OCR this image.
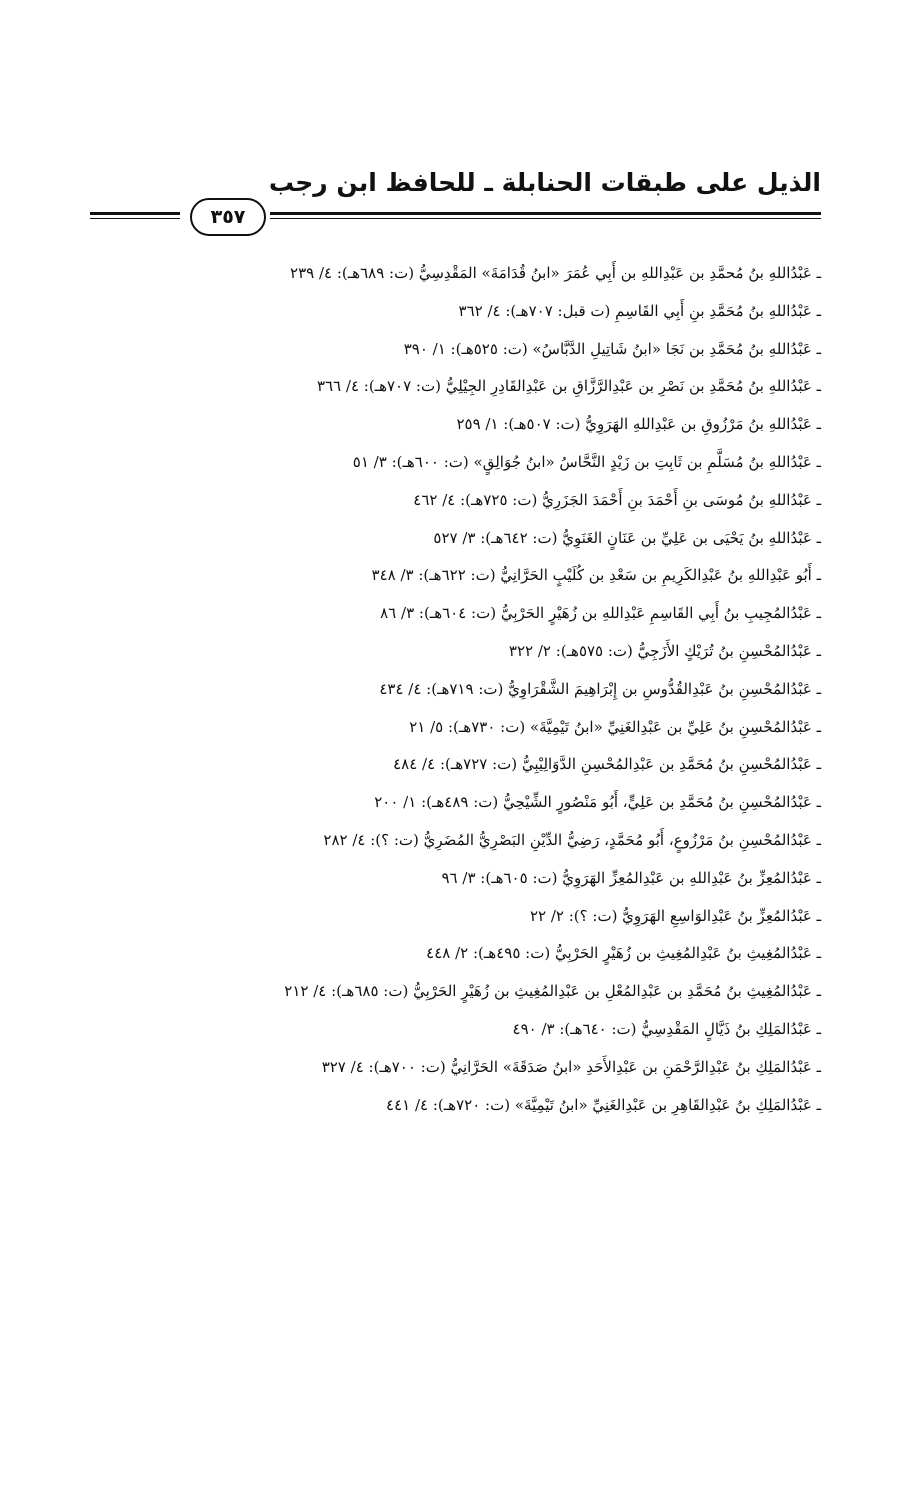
الذيل على طبقات الحنابلة ـ للحافظ ابن رجب
٣٥٧
ـ عَبْدُاللهِ بنُ مُحمَّدِ بن عَبْدِاللهِ بن أَبِي عُمَرَ «ابنُ قُدَامَةَ» المَقْدِسِيُّ (ت: ٦٨٩هـ): ٤/ ٢٣٩
ـ عَبْدُاللهِ بنُ مُحَمَّدِ بنِ أَبِي القَاسِمِ (ت قبل: ٧٠٧هـ): ٤/ ٣٦٢
ـ عَبْدُاللهِ بنُ مُحَمَّدِ بن نَجَا «ابنُ شَاتِيلِ الدَّبَّاسُ» (ت: ٥٢٥هـ): ١/ ٣٩٠
ـ عَبْدُاللهِ بنُ مُحَمَّدِ بن نَصْرِ بن عَبْدِالرَّزَّاقِ بن عَبْدِالقَادِرِ الجِيْلِيُّ (ت: ٧٠٧هـ): ٤/ ٣٦٦
ـ عَبْدُاللهِ بنُ مَرْزُوقِ بن عَبْدِاللهِ الهَرَوِيُّ (ت: ٥٠٧هـ): ١/ ٢٥٩
ـ عَبْدُاللهِ بنُ مُسَلَّمِ بن ثَابِتِ بن زَيْدٍ النَّحَّاسُ «ابنُ جُوَالِقٍ» (ت: ٦٠٠هـ): ٣/ ٥١
ـ عَبْدُاللهِ بنُ مُوسَى بنِ أَحْمَدَ بنِ أَحْمَدَ الجَزَرِيُّ (ت: ٧٢٥هـ): ٤/ ٤٦٢
ـ عَبْدُاللهِ بنُ يَحْيَى بن عَلِيِّ بن عَنَانٍ الغَنَوِيُّ (ت: ٦٤٢هـ): ٣/ ٥٢٧
ـ أَبُو عَبْدِاللهِ بنُ عَبْدِالكَرِيمِ بن سَعْدِ بن كُلَيْبٍ الحَرَّانِيُّ (ت: ٦٢٢هـ): ٣/ ٣٤٨
ـ عَبْدُالمُجِيبِ بنُ أَبِي القَاسِمِ عَبْدِاللهِ بن زُهَيْرٍ الحَرْبِيُّ (ت: ٦٠٤هـ): ٣/ ٨٦
ـ عَبْدُالمُحْسِنِ بنُ تُرَيْكٍ الأَزَجِيُّ (ت: ٥٧٥هـ): ٢/ ٣٢٢
ـ عَبْدُالمُحْسِنِ بنُ عَبْدِالقُدُّوسِ بن إِبْرَاهِيمَ الشَّقْرَاوِيُّ (ت: ٧١٩هـ): ٤/ ٤٣٤
ـ عَبْدُالمُحْسِنِ بنُ عَلِيِّ بن عَبْدِالغَنِيِّ «ابنُ تَيْمِيَّةَ» (ت: ٧٣٠هـ): ٥/ ٢١
ـ عَبْدُالمُحْسِنِ بنُ مُحَمَّدِ بن عَبْدِالمُحْسِنِ الدَّوَالِيْبِيُّ (ت: ٧٢٧هـ): ٤/ ٤٨٤
ـ عَبْدُالمُحْسِنِ بنُ مُحَمَّدِ بن عَلِيٍّ، أَبُو مَنْصُورٍ الشِّيْحِيُّ (ت: ٤٨٩هـ): ١/ ٢٠٠
ـ عَبْدُالمُحْسِنِ بنُ مَرْزُوعٍ، أَبُو مُحَمَّدٍ، رَضِيُّ الدِّيْنِ البَصْرِيُّ المُضَرِيُّ (ت: ؟): ٤/ ٢٨٢
ـ عَبْدُالمُعِزِّ بنُ عَبْدِاللهِ بن عَبْدِالمُعِزِّ الهَرَوِيُّ (ت: ٦٠٥هـ): ٣/ ٩٦
ـ عَبْدُالمُعِزِّ بنُ عَبْدِالوَاسِعِ الهَرَوِيُّ (ت: ؟): ٢/ ٢٢
ـ عَبْدُالمُغِيثِ بنُ عَبْدِالمُغِيثِ بن زُهَيْرٍ الحَرْبِيُّ (ت: ٤٩٥هـ): ٢/ ٤٤٨
ـ عَبْدُالمُغِيثِ بنُ مُحَمَّدِ بن عَبْدِالمُعْلِ بن عَبْدِالمُغِيثِ بن زُهَيْرٍ الحَرْبِيُّ (ت: ٦٨٥هـ): ٤/ ٢١٢
ـ عَبْدُالمَلِكِ بنُ ذَيَّالٍ المَقْدِسِيُّ (ت: ٦٤٠هـ): ٣/ ٤٩٠
ـ عَبْدُالمَلِكِ بنُ عَبْدِالرَّحْمَنِ بن عَبْدِالأَحَدِ «ابنُ صَدَقَةَ» الحَرَّانِيُّ (ت: ٧٠٠هـ): ٤/ ٣٢٧
ـ عَبْدُالمَلِكِ بنُ عَبْدِالقَاهِرِ بن عَبْدِالغَنِيِّ «ابنُ تَيْمِيَّةَ» (ت: ٧٢٠هـ): ٤/ ٤٤١
